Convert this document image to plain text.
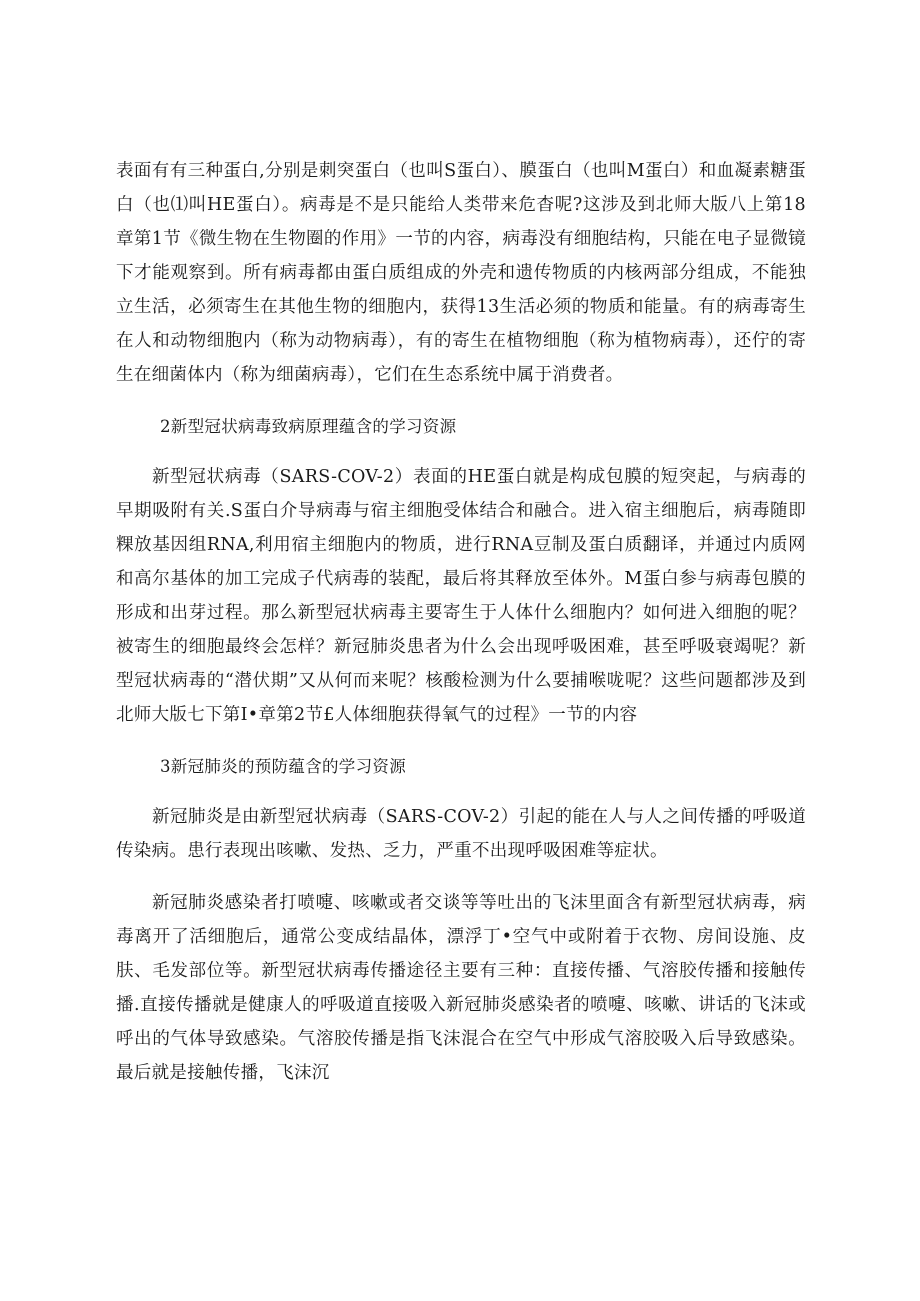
表面有有三种蛋白,分别是刺突蛋白（也叫S蛋白）、膜蛋白（也叫M蛋白）和血凝素糖蛋白（也⑴叫HE蛋白）。病毒是不是只能给人类带来危杳呢?这涉及到北师大版八上第18章第1节《微生物在生物圈的作用》一节的内容，病毒没有细胞结构，只能在电子显微镜下才能观察到。所有病毒都由蛋白质组成的外壳和遗传物质的内核两部分组成，不能独立生活，必须寄生在其他生物的细胞内，获得13生活必须的物质和能量。有的病毒寄生在人和动物细胞内（称为动物病毒），有的寄生在植物细胞（称为植物病毒），还佇的寄生在细菌体内（称为细菌病毒），它们在生态系统中属于消费者。

2新型冠状病毒致病原理蕴含的学习资源

新型冠状病毒（SARS-COV-2）表面的HE蛋白就是构成包膜的短突起，与病毒的早期吸附有关.S蛋白介导病毒与宿主细胞受体结合和融合。进入宿主细胞后，病毒随即粿放基因组RNA,利用宿主细胞内的物质，进行RNA豆制及蛋白质翻译，并通过内质网和高尔基体的加工完成子代病毒的装配，最后将其释放至体外。M蛋白参与病毒包膜的形成和出芽过程。那么新型冠状病毒主要寄生于人体什么细胞内？如何进入细胞的呢？被寄生的细胞最终会怎样？新冠肺炎患者为什么会出现呼吸困难，甚至呼吸衰竭呢？新型冠状病毒的“潜伏期”又从何而来呢？核酸检测为什么要捕喉咙呢？这些问题都涉及到北师大版七下第I•章第2节£人体细胞获得氧气的过程》一节的内容

3新冠肺炎的预防蕴含的学习资源

新冠肺炎是由新型冠状病毒（SARS-COV-2）引起的能在人与人之间传播的呼吸道传染病。患行表现出咳嗽、发热、乏力，严重不出现呼吸困难等症状。

新冠肺炎感染者打喷嚏、咳嗽或者交谈等等吐出的飞沫里面含有新型冠状病毒，病毒离开了活细胞后，通常公变成结晶体，漂浮丁•空气中或附着于衣物、房间设施、皮肤、毛发部位等。新型冠状病毒传播途径主要有三种：直接传播、气溶胶传播和接触传播.直接传播就是健康人的呼吸道直接吸入新冠肺炎感染者的喷嚏、咳嗽、讲话的飞沫或呼出的气体导致感染。气溶胶传播是指飞沫混合在空气中形成气溶胶吸入后导致感染。最后就是接触传播，飞沫沉
